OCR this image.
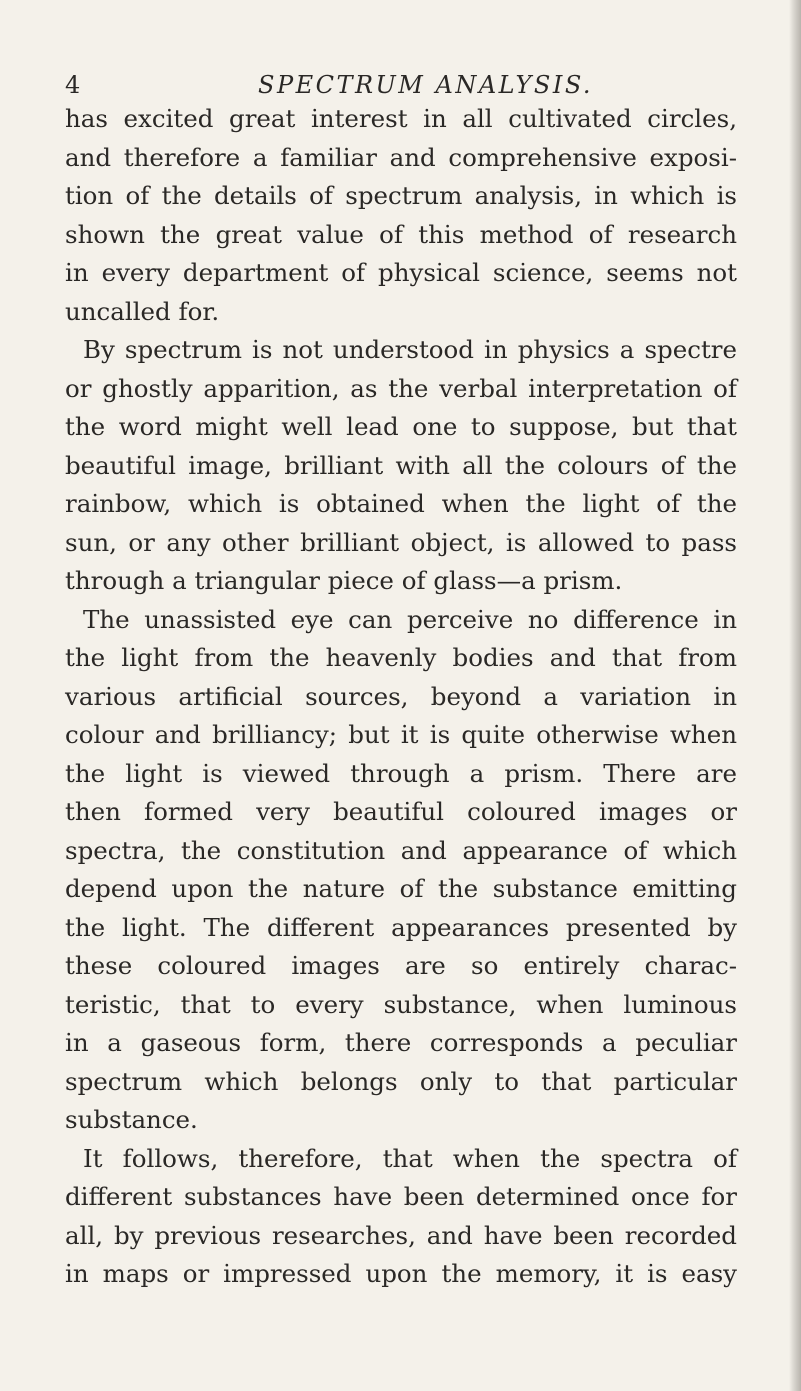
4	SPECTRUM ANALYSIS.
has excited great interest in all cultivated circles,
and therefore a familiar and comprehensive exposi-
tion of the details of spectrum analysis, in which is
shown the great value of this method of research
in every department of physical science, seems not
uncalled for.
By spectrum is not understood in physics a spectre
or ghostly apparition, as the verbal interpretation of
the word might well lead one to suppose, but that
beautiful image, brilliant with all the colours of the
rainbow, which is obtained when the light of the
sun, or any other brilliant object, is allowed to pass
through a triangular piece of glass—a prism.
The unassisted eye can perceive no difference in
the light from the heavenly bodies and that from
various artificial sources, beyond a variation in
colour and brilliancy; but it is quite otherwise when
the light is viewed through a prism. There are
then formed very beautiful coloured images or
spectra, the constitution and appearance of which
depend upon the nature of the substance emitting
the light. The different appearances presented by
these coloured images are so entirely charac-
teristic, that to every substance, when luminous
in a gaseous form, there corresponds a peculiar
spectrum which belongs only to that particular
substance.
It follows, therefore, that when the spectra of
different substances have been determined once for
all, by previous researches, and have been recorded
in maps or impressed upon the memory, it is easy
